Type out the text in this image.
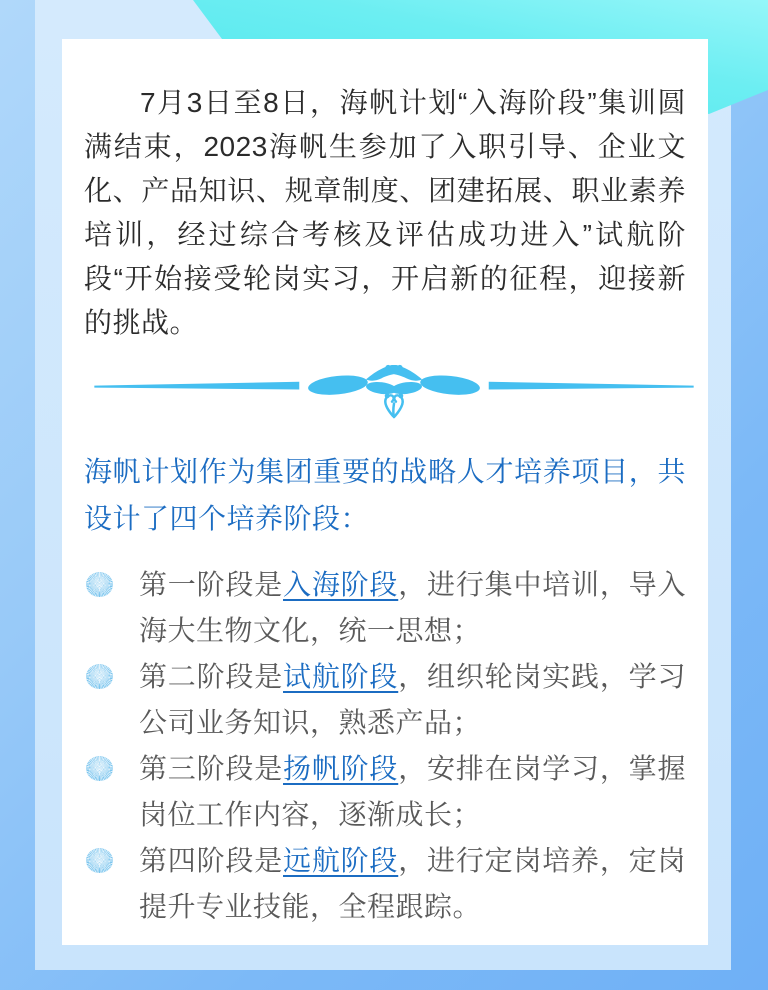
7月3日至8日，海帆计划“入海阶段”集训圆满结束，2023海帆生参加了入职引导、企业文化、产品知识、规章制度、团建拓展、职业素养培训，经过综合考核及评估成功进入”试航阶段“开始接受轮岗实习，开启新的征程，迎接新的挑战。

海帆计划作为集团重要的战略人才培养项目，共设计了四个培养阶段：

第一阶段是入海阶段，进行集中培训，导入海大生物文化，统一思想；
第二阶段是试航阶段，组织轮岗实践，学习公司业务知识，熟悉产品；
第三阶段是扬帆阶段，安排在岗学习，掌握岗位工作内容，逐渐成长；
第四阶段是远航阶段，进行定岗培养，定岗提升专业技能，全程跟踪。
